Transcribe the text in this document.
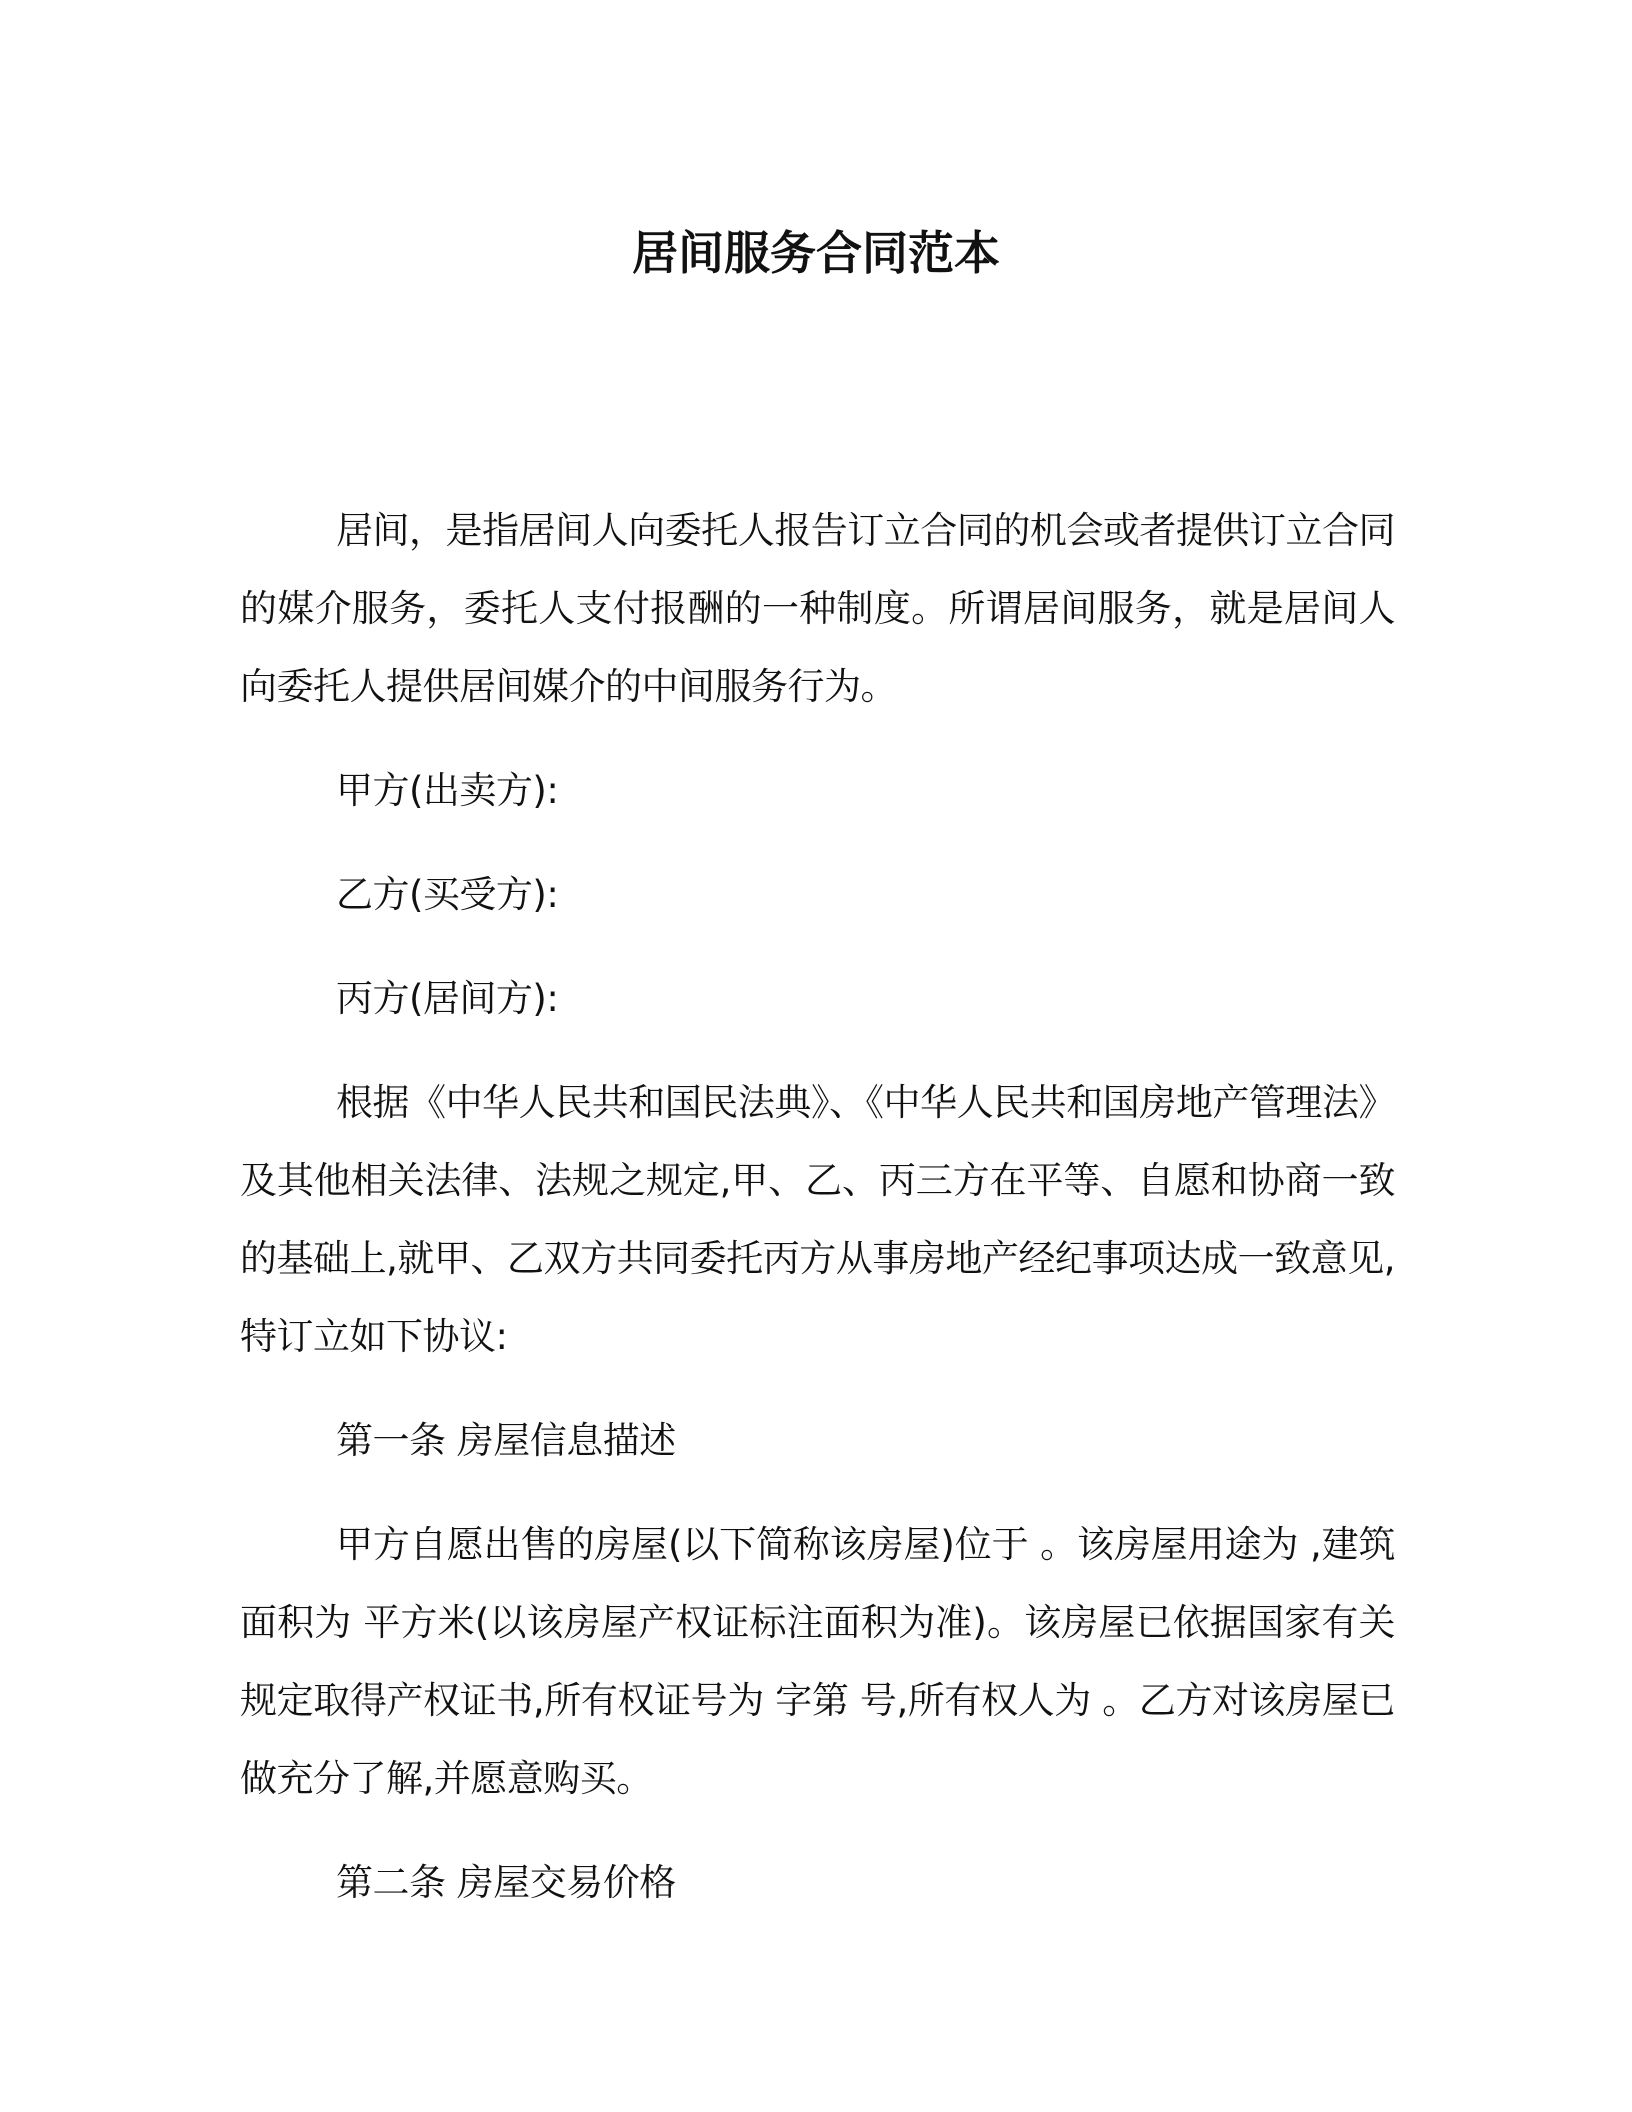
居间服务合同范本

居间，是指居间人向委托人报告订立合同的机会或者提供订立合同的媒介服务，委托人支付报酬的一种制度。所谓居间服务，就是居间人向委托人提供居间媒介的中间服务行为。

甲方(出卖方):

乙方(买受方):

丙方(居间方):

根据《中华人民共和国民法典》、《中华人民共和国房地产管理法》及其他相关法律、法规之规定,甲、乙、丙三方在平等、自愿和协商一致的基础上,就甲、乙双方共同委托丙方从事房地产经纪事项达成一致意见,特订立如下协议:

第一条 房屋信息描述

甲方自愿出售的房屋(以下简称该房屋)位于 。该房屋用途为 ,建筑面积为 平方米(以该房屋产权证标注面积为准)。该房屋已依据国家有关规定取得产权证书,所有权证号为 字第 号,所有权人为 。乙方对该房屋已做充分了解,并愿意购买。

第二条 房屋交易价格
